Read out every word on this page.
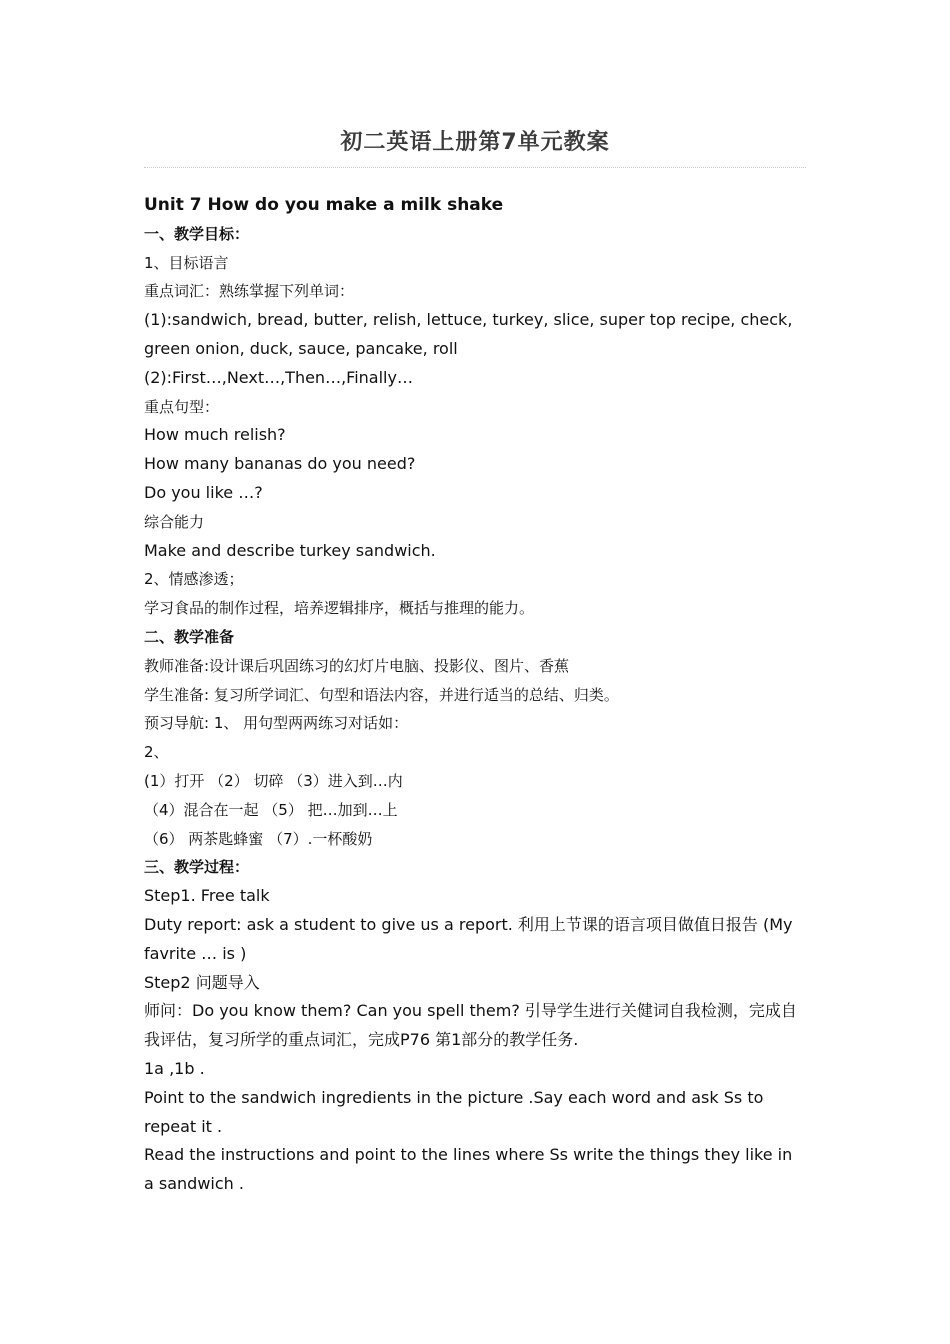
初二英语上册第7单元教案

Unit 7 How do you make a milk shake

一、教学目标：

1、目标语言

重点词汇：熟练掌握下列单词：

(1):sandwich, bread, butter, relish, lettuce, turkey, slice, super top recipe, check, green onion, duck, sauce, pancake, roll

(2):First…,Next…,Then…,Finally…

重点句型：

How much relish?

How many bananas do you need?

Do you like …?

综合能力

Make and describe turkey sandwich.

2、情感渗透；

学习食品的制作过程，培养逻辑排序，概括与推理的能力。

二、教学准备

教师准备:设计课后巩固练习的幻灯片电脑、投影仪、图片、香蕉

学生准备: 复习所学词汇、句型和语法内容，并进行适当的总结、归类。

预习导航: 1、 用句型两两练习对话如：

2、

(1）打开 （2） 切碎 （3）进入到…内

（4）混合在一起 （5） 把…加到…上

（6） 两茶匙蜂蜜 （7）.一杯酸奶

三、教学过程：

Step1. Free talk

Duty report: ask a student to give us a report. 利用上节课的语言项目做值日报告 (My favrite … is )

Step2 问题导入

师问：Do you know them? Can you spell them? 引导学生进行关健词自我检测，完成自我评估，复习所学的重点词汇，完成P76 第1部分的教学任务.

1a ,1b .

Point to the sandwich ingredients in the picture .Say each word and ask Ss to repeat it .

Read the instructions and point to the lines where Ss write the things they like in a sandwich .
